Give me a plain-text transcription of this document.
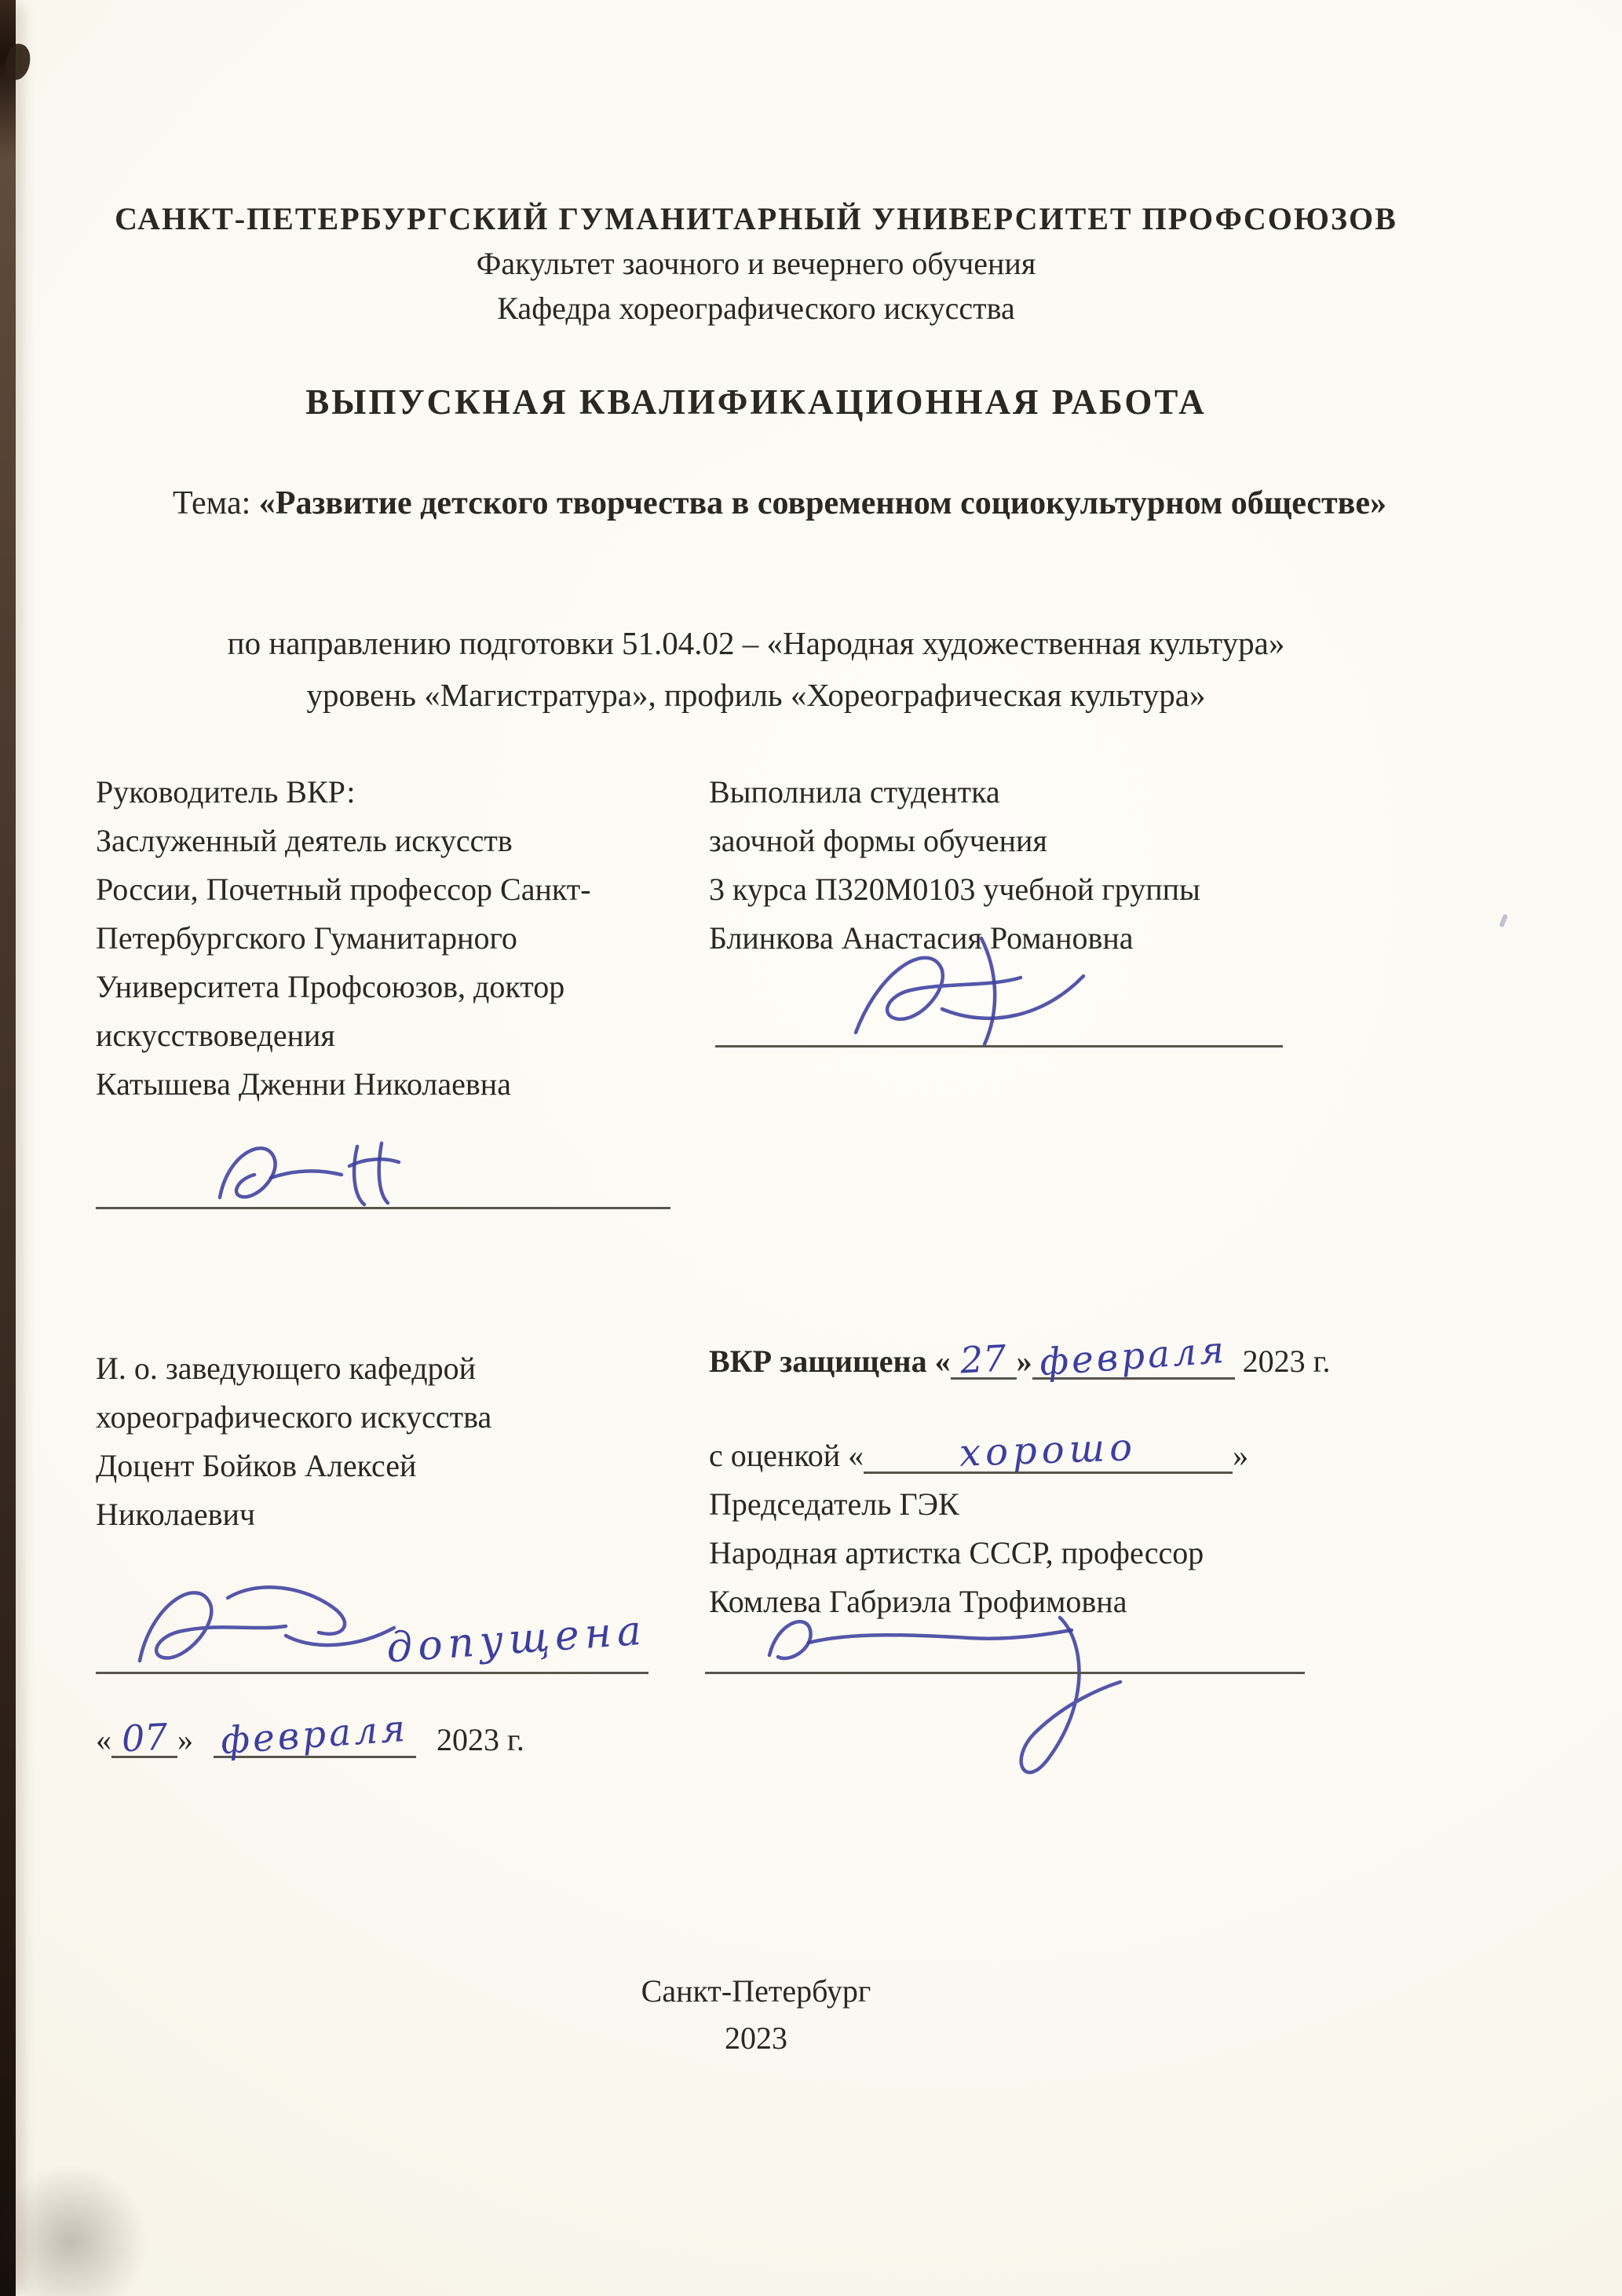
САНКТ-ПЕТЕРБУРГСКИЙ ГУМАНИТАРНЫЙ УНИВЕРСИТЕТ ПРОФСОЮЗОВ
Факультет заочного и вечернего обучения
Кафедра хореографического искусства
ВЫПУСКНАЯ КВАЛИФИКАЦИОННАЯ РАБОТА
Тема: «Развитие детского творчества в современном социокультурном обществе»
по направлению подготовки 51.04.02 – «Народная художественная культура»
уровень «Магистратура», профиль «Хореографическая культура»
Руководитель ВКР:
Заслуженный деятель искусств
России, Почетный профессор Санкт-
Петербургского Гуманитарного
Университета Профсоюзов, доктор
искусствоведения
Катышева Дженни Николаевна
Выполнила студентка
заочной формы обучения
3 курса П320М0103 учебной группы
Блинкова Анастасия Романовна
И. о. заведующего кафедрой
хореографического искусства
Доцент Бойков Алексей
Николаевич
допущена
« 07 » февраля 2023 г.
ВКР защищена « 27 » февраля 2023 г.
с оценкой «	хорошо	»
Председатель ГЭК
Народная артистка СССР, профессор
Комлева Габриэла Трофимовна
Санкт-Петербург
2023
